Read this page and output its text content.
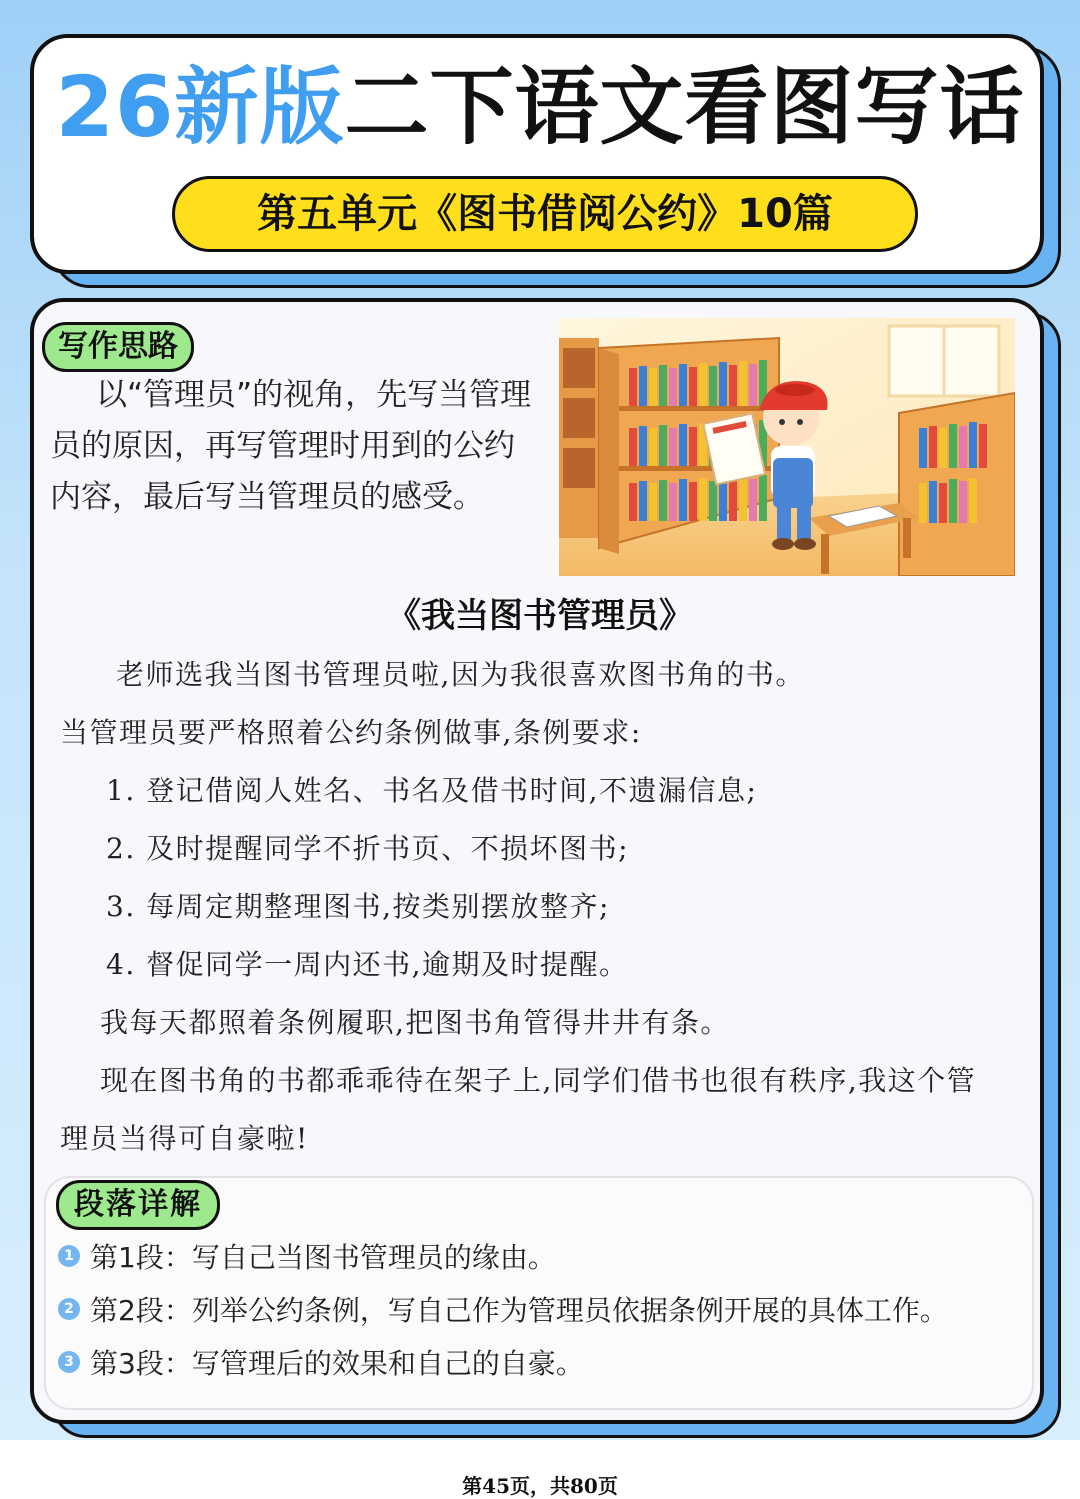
26新版二下语文看图写话
第五单元《图书借阅公约》10篇
写作思路
以“管理员”的视角，先写当管理员的原因，再写管理时用到的公约内容，最后写当管理员的感受。
《我当图书管理员》
老师选我当图书管理员啦,因为我很喜欢图书角的书。
当管理员要严格照着公约条例做事,条例要求:
1. 登记借阅人姓名、书名及借书时间,不遗漏信息;
2. 及时提醒同学不折书页、不损坏图书;
3. 每周定期整理图书,按类别摆放整齐;
4. 督促同学一周内还书,逾期及时提醒。
我每天都照着条例履职,把图书角管得井井有条。
现在图书角的书都乖乖待在架子上,同学们借书也很有秩序,我这个管
理员当得可自豪啦!
段落详解
1 第1段：写自己当图书管理员的缘由。
2 第2段：列举公约条例，写自己作为管理员依据条例开展的具体工作。
3 第3段：写管理后的效果和自己的自豪。
第45页，共80页
